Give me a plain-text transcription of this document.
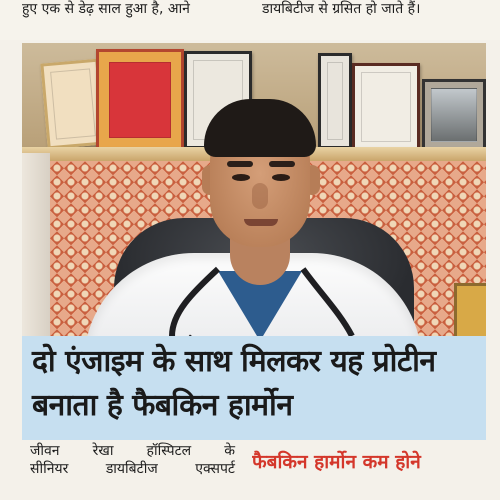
हुए एक से डेढ़ साल हुआ है, आने	डायबिटीज से ग्रसित हो जाते हैं।
दो एंजाइम के साथ मिलकर यह प्रोटीन बनाता है फैबकिन हार्मोन
जीवन रेखा हॉस्पिटल के
सीनियर	डायबिटीज	एक्सपर्ट फैबकिन हार्मोन कम होने
